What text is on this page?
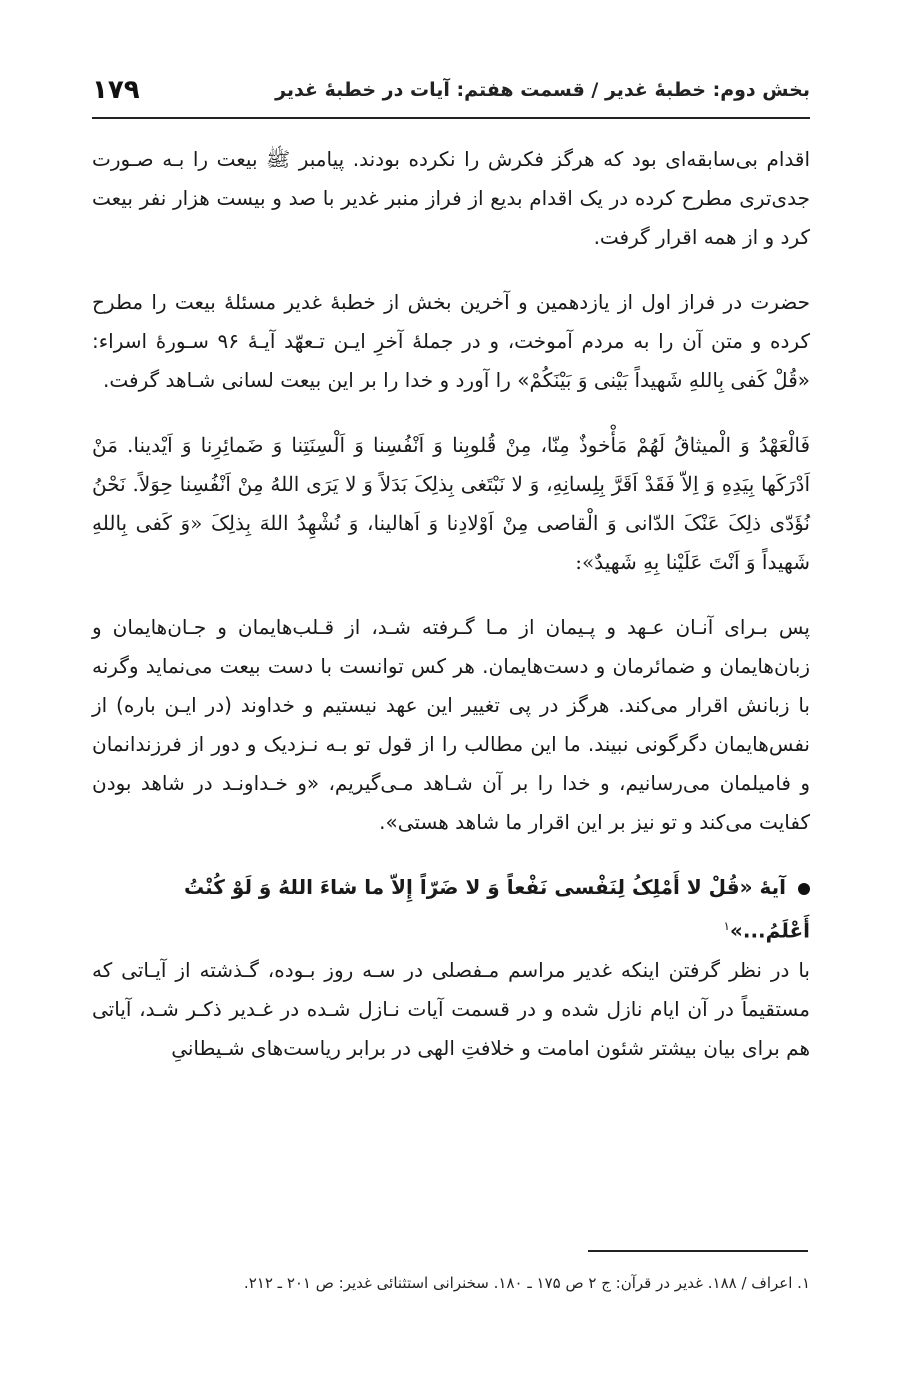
بخش دوم: خطبهٔ غدیر / قسمت هفتم: آیات در خطبهٔ غدیر
۱۷۹

اقدام بی‌سابقه‌ای بود که هرگز فکرش را نکرده بودند. پیامبر ﷺ بیعت را بـه صـورت جدی‌تری مطرح کرده در یک اقدام بدیع از فراز منبر غدیر با صد و بیست هزار نفر بیعت کرد و از همه اقرار گرفت.

حضرت در فراز اول از یازدهمین و آخرین بخش از خطبهٔ غدیر مسئلهٔ بیعت را مطرح کرده و متن آن را به مردم آموخت، و در جملهٔ آخرِ ایـن تـعهّد آیـهٔ ۹۶ سـورهٔ اسراء: «قُلْ کَفی بِاللهِ شَهیداً بَیْنی وَ بَیْنَکُمْ» را آورد و خدا را بر این بیعت لسانی شـاهد گرفت.

فَالْعَهْدُ وَ الْمیثاقُ لَهُمْ مَأْخوذٌ مِنّا، مِنْ قُلوبِنا وَ اَنْفُسِنا وَ اَلْسِنَتِنا وَ ضَمائِرِنا وَ اَیْدینا. مَنْ اَدْرَکَها بِیَدِهِ وَ اِلاّ فَقَدْ اَقَرَّ بِلِسانِهِ، وَ لا نَبْتَغی بِذلِکَ بَدَلاً وَ لا یَرَی اللهُ مِنْ اَنْفُسِنا حِوَلاً. نَحْنُ نُؤَدّی ذلِکَ عَنْکَ الدّانی وَ الْقاصی مِنْ اَوْلادِنا وَ اَهالینا، وَ نُشْهِدُ اللهَ بِذلِکَ «وَ کَفی بِاللهِ شَهیداً وَ اَنْتَ عَلَیْنا بِهِ شَهیدٌ»:

پس بـرای آنـان عـهد و پـیمان از مـا گـرفته شـد، از قـلب‌هایمان و جـان‌هایمان و زبان‌هایمان و ضمائرمان و دست‌هایمان. هر کس توانست با دست بیعت می‌نماید وگرنه با زبانش اقرار می‌کند. هرگز در پی تغییر این عهد نیستیم و خداوند (در ایـن باره) از نفس‌هایمان دگرگونی نبیند. ما این مطالب را از قول تو بـه نـزدیک و دور از فرزندانمان و فامیلمان می‌رسانیم، و خدا را بر آن شـاهد مـی‌گیریم، «و خـداونـد در شاهد بودن کفایت می‌کند و تو نیز بر این اقرار ما شاهد هستی».

آیهٔ «قُلْ لا أَمْلِکُ لِنَفْسی نَفْعاً وَ لا ضَرّاً إِلاّ ما شاءَ اللهُ وَ لَوْ کُنْتُ أَعْلَمُ...»$^۱$

با در نظر گرفتن اینکه غدیر مراسم مـفصلی در سـه روز بـوده، گـذشته از آیـاتی که مستقیماً در آن ایام نازل شده و در قسمت آیات نـازل شـده در غـدیر ذکـر شـد، آیاتی هم برای بیان بیشتر شئون امامت و خلافتِ الهی در برابر ریاست‌های شـیطانیِ

۱. اعراف / ۱۸۸. غدیر در قرآن: ج ۲ ص ۱۷۵ ـ ۱۸۰. سخنرانی استثنائی غدیر: ص ۲۰۱ ـ ۲۱۲.
